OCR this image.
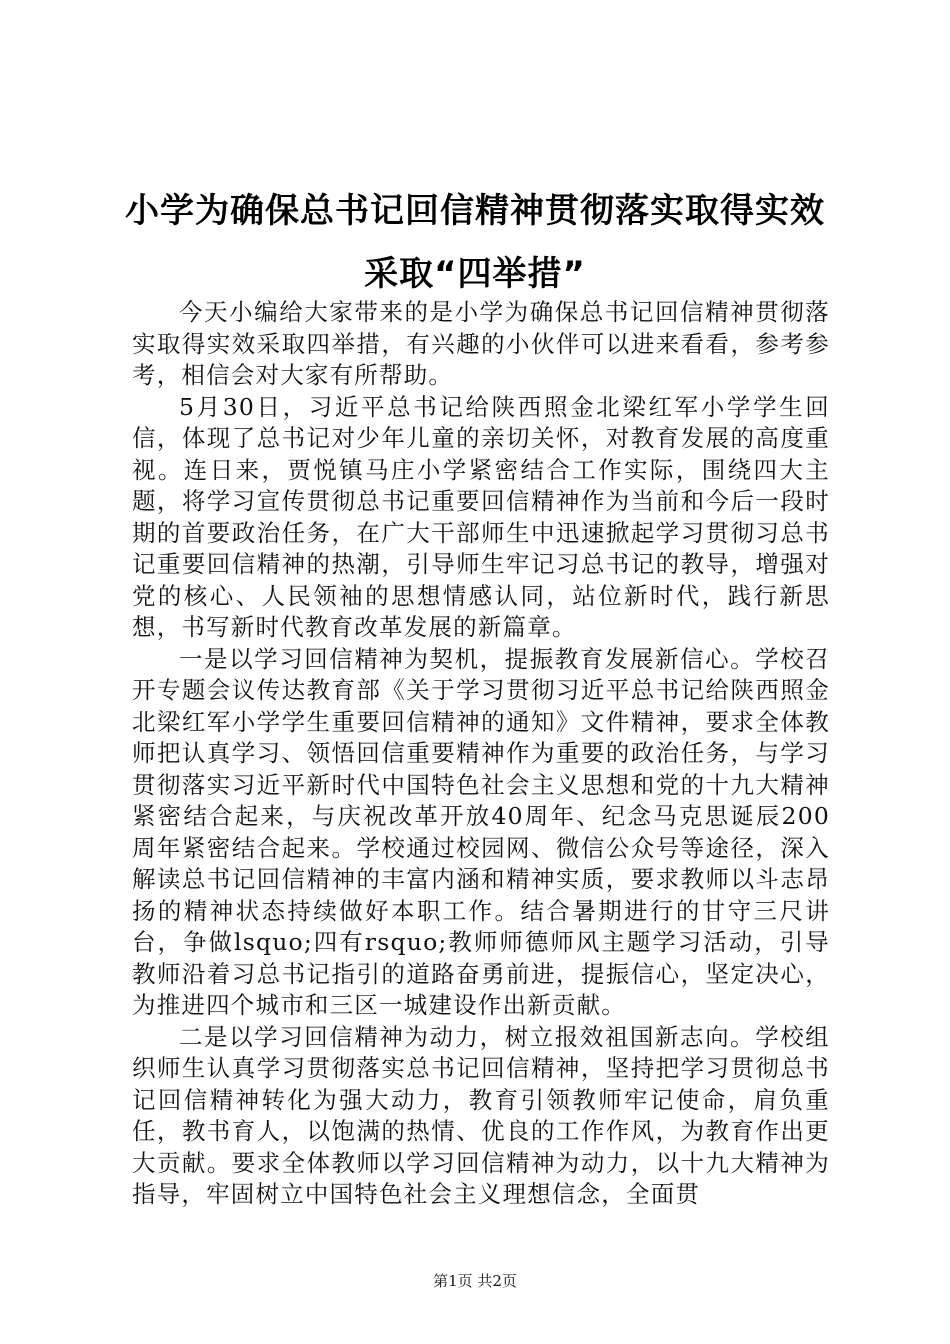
小学为确保总书记回信精神贯彻落实取得实效
采取“四举措”

今天小编给大家带来的是小学为确保总书记回信精神贯彻落实取得实效采取四举措，有兴趣的小伙伴可以进来看看，参考参考，相信会对大家有所帮助。

5月30日，习近平总书记给陕西照金北梁红军小学学生回信，体现了总书记对少年儿童的亲切关怀，对教育发展的高度重视。连日来，贾悦镇马庄小学紧密结合工作实际，围绕四大主题，将学习宣传贯彻总书记重要回信精神作为当前和今后一段时期的首要政治任务，在广大干部师生中迅速掀起学习贯彻习总书记重要回信精神的热潮，引导师生牢记习总书记的教导，增强对党的核心、人民领袖的思想情感认同，站位新时代，践行新思想，书写新时代教育改革发展的新篇章。

一是以学习回信精神为契机，提振教育发展新信心。学校召开专题会议传达教育部《关于学习贯彻习近平总书记给陕西照金北梁红军小学学生重要回信精神的通知》文件精神，要求全体教师把认真学习、领悟回信重要精神作为重要的政治任务，与学习贯彻落实习近平新时代中国特色社会主义思想和党的十九大精神紧密结合起来，与庆祝改革开放40周年、纪念马克思诞辰200周年紧密结合起来。学校通过校园网、微信公众号等途径，深入解读总书记回信精神的丰富内涵和精神实质，要求教师以斗志昂扬的精神状态持续做好本职工作。结合暑期进行的甘守三尺讲台，争做lsquo;四有rsquo;教师师德师风主题学习活动，引导教师沿着习总书记指引的道路奋勇前进，提振信心，坚定决心，为推进四个城市和三区一城建设作出新贡献。

二是以学习回信精神为动力，树立报效祖国新志向。学校组织师生认真学习贯彻落实总书记回信精神，坚持把学习贯彻总书记回信精神转化为强大动力，教育引领教师牢记使命，肩负重任，教书育人，以饱满的热情、优良的工作作风，为教育作出更大贡献。要求全体教师以学习回信精神为动力，以十九大精神为指导，牢固树立中国特色社会主义理想信念，全面贯

第1页 共2页
